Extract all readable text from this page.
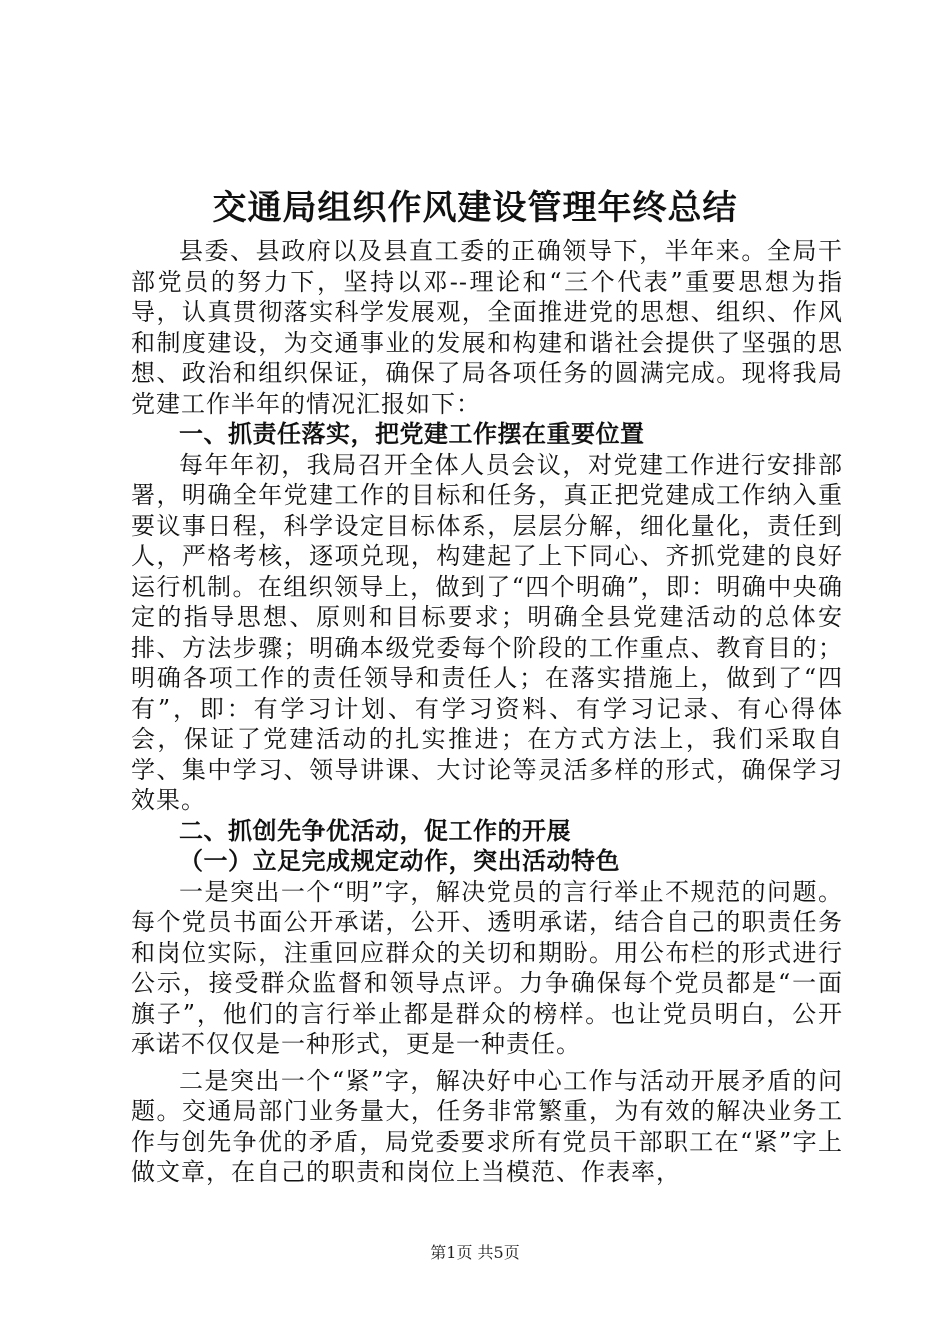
交通局组织作风建设管理年终总结

县委、县政府以及县直工委的正确领导下，半年来。全局干部党员的努力下，坚持以邓--理论和“三个代表”重要思想为指导，认真贯彻落实科学发展观，全面推进党的思想、组织、作风和制度建设，为交通事业的发展和构建和谐社会提供了坚强的思想、政治和组织保证，确保了局各项任务的圆满完成。现将我局党建工作半年的情况汇报如下：

一、抓责任落实，把党建工作摆在重要位置

每年年初，我局召开全体人员会议，对党建工作进行安排部署，明确全年党建工作的目标和任务，真正把党建成工作纳入重要议事日程，科学设定目标体系，层层分解，细化量化，责任到人，严格考核，逐项兑现，构建起了上下同心、齐抓党建的良好运行机制。在组织领导上，做到了“四个明确”，即：明确中央确定的指导思想、原则和目标要求；明确全县党建活动的总体安排、方法步骤；明确本级党委每个阶段的工作重点、教育目的；明确各项工作的责任领导和责任人；在落实措施上，做到了“四有”，即：有学习计划、有学习资料、有学习记录、有心得体会，保证了党建活动的扎实推进；在方式方法上，我们采取自学、集中学习、领导讲课、大讨论等灵活多样的形式，确保学习效果。

二、抓创先争优活动，促工作的开展

（一）立足完成规定动作，突出活动特色

一是突出一个“明”字，解决党员的言行举止不规范的问题。每个党员书面公开承诺，公开、透明承诺，结合自己的职责任务和岗位实际，注重回应群众的关切和期盼。用公布栏的形式进行公示，接受群众监督和领导点评。力争确保每个党员都是“一面旗子”，他们的言行举止都是群众的榜样。也让党员明白，公开承诺不仅仅是一种形式，更是一种责任。

二是突出一个“紧”字，解决好中心工作与活动开展矛盾的问题。交通局部门业务量大，任务非常繁重，为有效的解决业务工作与创先争优的矛盾，局党委要求所有党员干部职工在“紧”字上做文章，在自己的职责和岗位上当模范、作表率，

第1页 共5页
